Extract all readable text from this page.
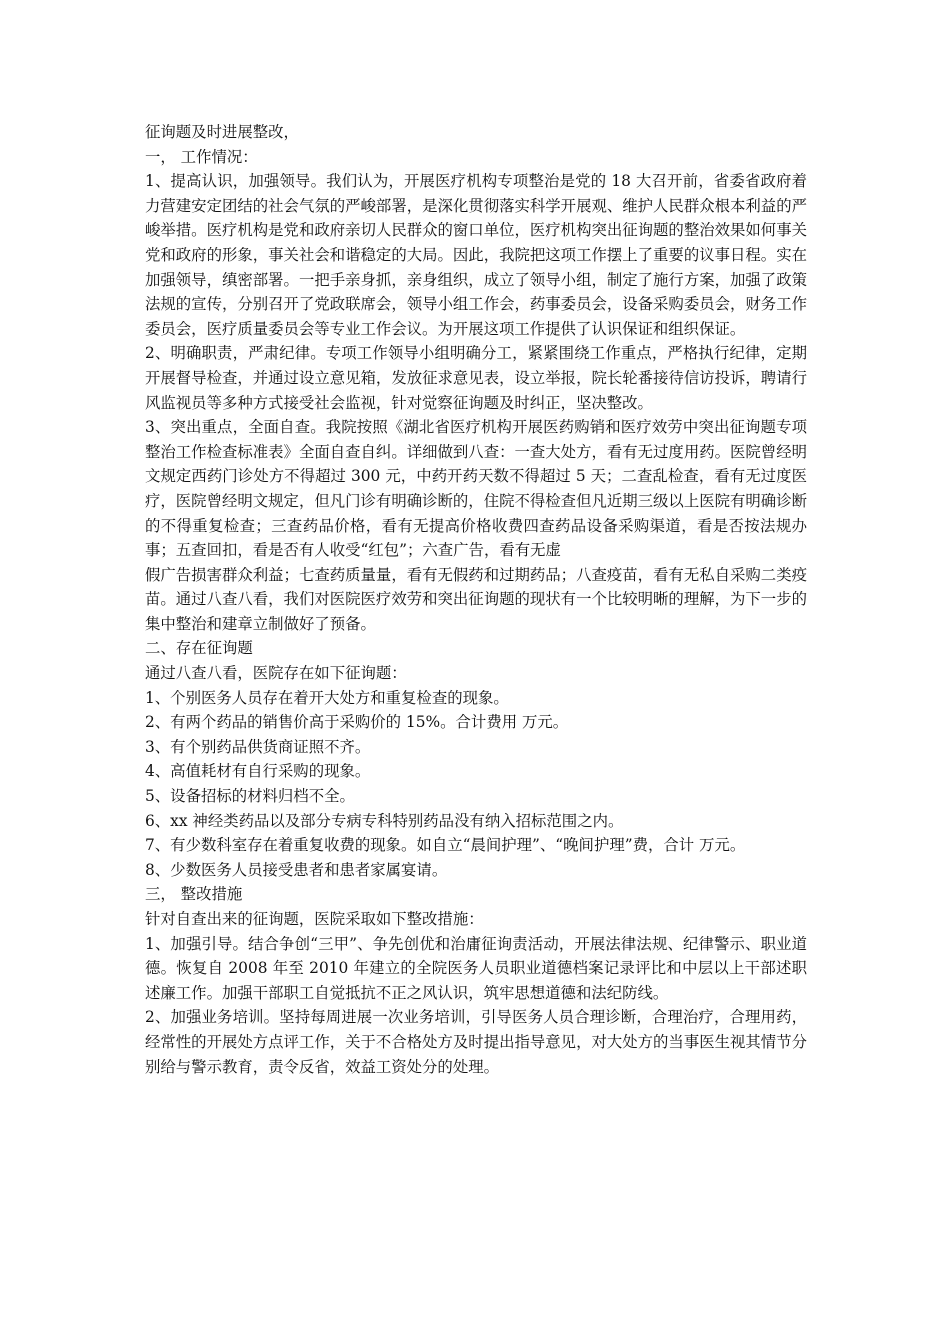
征询题及时进展整改，

一， 工作情况：

1、提高认识，加强领导。我们认为，开展医疗机构专项整治是党的 18 大召开前，省委省政府着力营建安定团结的社会气氛的严峻部署，是深化贯彻落实科学开展观、维护人民群众根本利益的严峻举措。医疗机构是党和政府亲切人民群众的窗口单位，医疗机构突出征询题的整治效果如何事关党和政府的形象，事关社会和谐稳定的大局。因此，我院把这项工作摆上了重要的议事日程。实在加强领导，缜密部署。一把手亲身抓，亲身组织，成立了领导小组，制定了施行方案，加强了政策法规的宣传，分别召开了党政联席会，领导小组工作会，药事委员会，设备采购委员会，财务工作委员会，医疗质量委员会等专业工作会议。为开展这项工作提供了认识保证和组织保证。

2、明确职责，严肃纪律。专项工作领导小组明确分工，紧紧围绕工作重点，严格执行纪律，定期开展督导检查，并通过设立意见箱，发放征求意见表，设立举报，院长轮番接待信访投诉，聘请行风监视员等多种方式接受社会监视，针对觉察征询题及时纠正，坚决整改。

3、突出重点，全面自查。我院按照《湖北省医疗机构开展医药购销和医疗效劳中突出征询题专项整治工作检查标准表》全面自查自纠。详细做到八查：一查大处方，看有无过度用药。医院曾经明文规定西药门诊处方不得超过 300 元，中药开药天数不得超过 5 天；二查乱检查，看有无过度医疗，医院曾经明文规定，但凡门诊有明确诊断的，住院不得检查但凡近期三级以上医院有明确诊断的不得重复检查；三查药品价格，看有无提高价格收费四查药品设备采购渠道，看是否按法规办事；五查回扣，看是否有人收受“红包”；六查广告，看有无虚

假广告损害群众利益；七查药质量量，看有无假药和过期药品；八查疫苗，看有无私自采购二类疫苗。通过八查八看，我们对医院医疗效劳和突出征询题的现状有一个比较明晰的理解，为下一步的集中整治和建章立制做好了预备。

二、存在征询题

通过八查八看，医院存在如下征询题：

1、个别医务人员存在着开大处方和重复检查的现象。

2、有两个药品的销售价高于采购价的 15%。合计费用 万元。

3、有个别药品供货商证照不齐。

4、高值耗材有自行采购的现象。

5、设备招标的材料归档不全。

6、xx 神经类药品以及部分专病专科特别药品没有纳入招标范围之内。

7、有少数科室存在着重复收费的现象。如自立“晨间护理”、“晚间护理”费，合计 万元。

8、少数医务人员接受患者和患者家属宴请。

三， 整改措施

针对自查出来的征询题，医院采取如下整改措施：

1、加强引导。结合争创“三甲”、争先创优和治庸征询责活动，开展法律法规、纪律警示、职业道德。恢复自 2008 年至 2010 年建立的全院医务人员职业道德档案记录评比和中层以上干部述职述廉工作。加强干部职工自觉抵抗不正之风认识，筑牢思想道德和法纪防线。

2、加强业务培训。坚持每周进展一次业务培训，引导医务人员合理诊断，合理治疗，合理用药，经常性的开展处方点评工作，关于不合格处方及时提出指导意见，对大处方的当事医生视其情节分别给与警示教育，责令反省，效益工资处分的处理。
